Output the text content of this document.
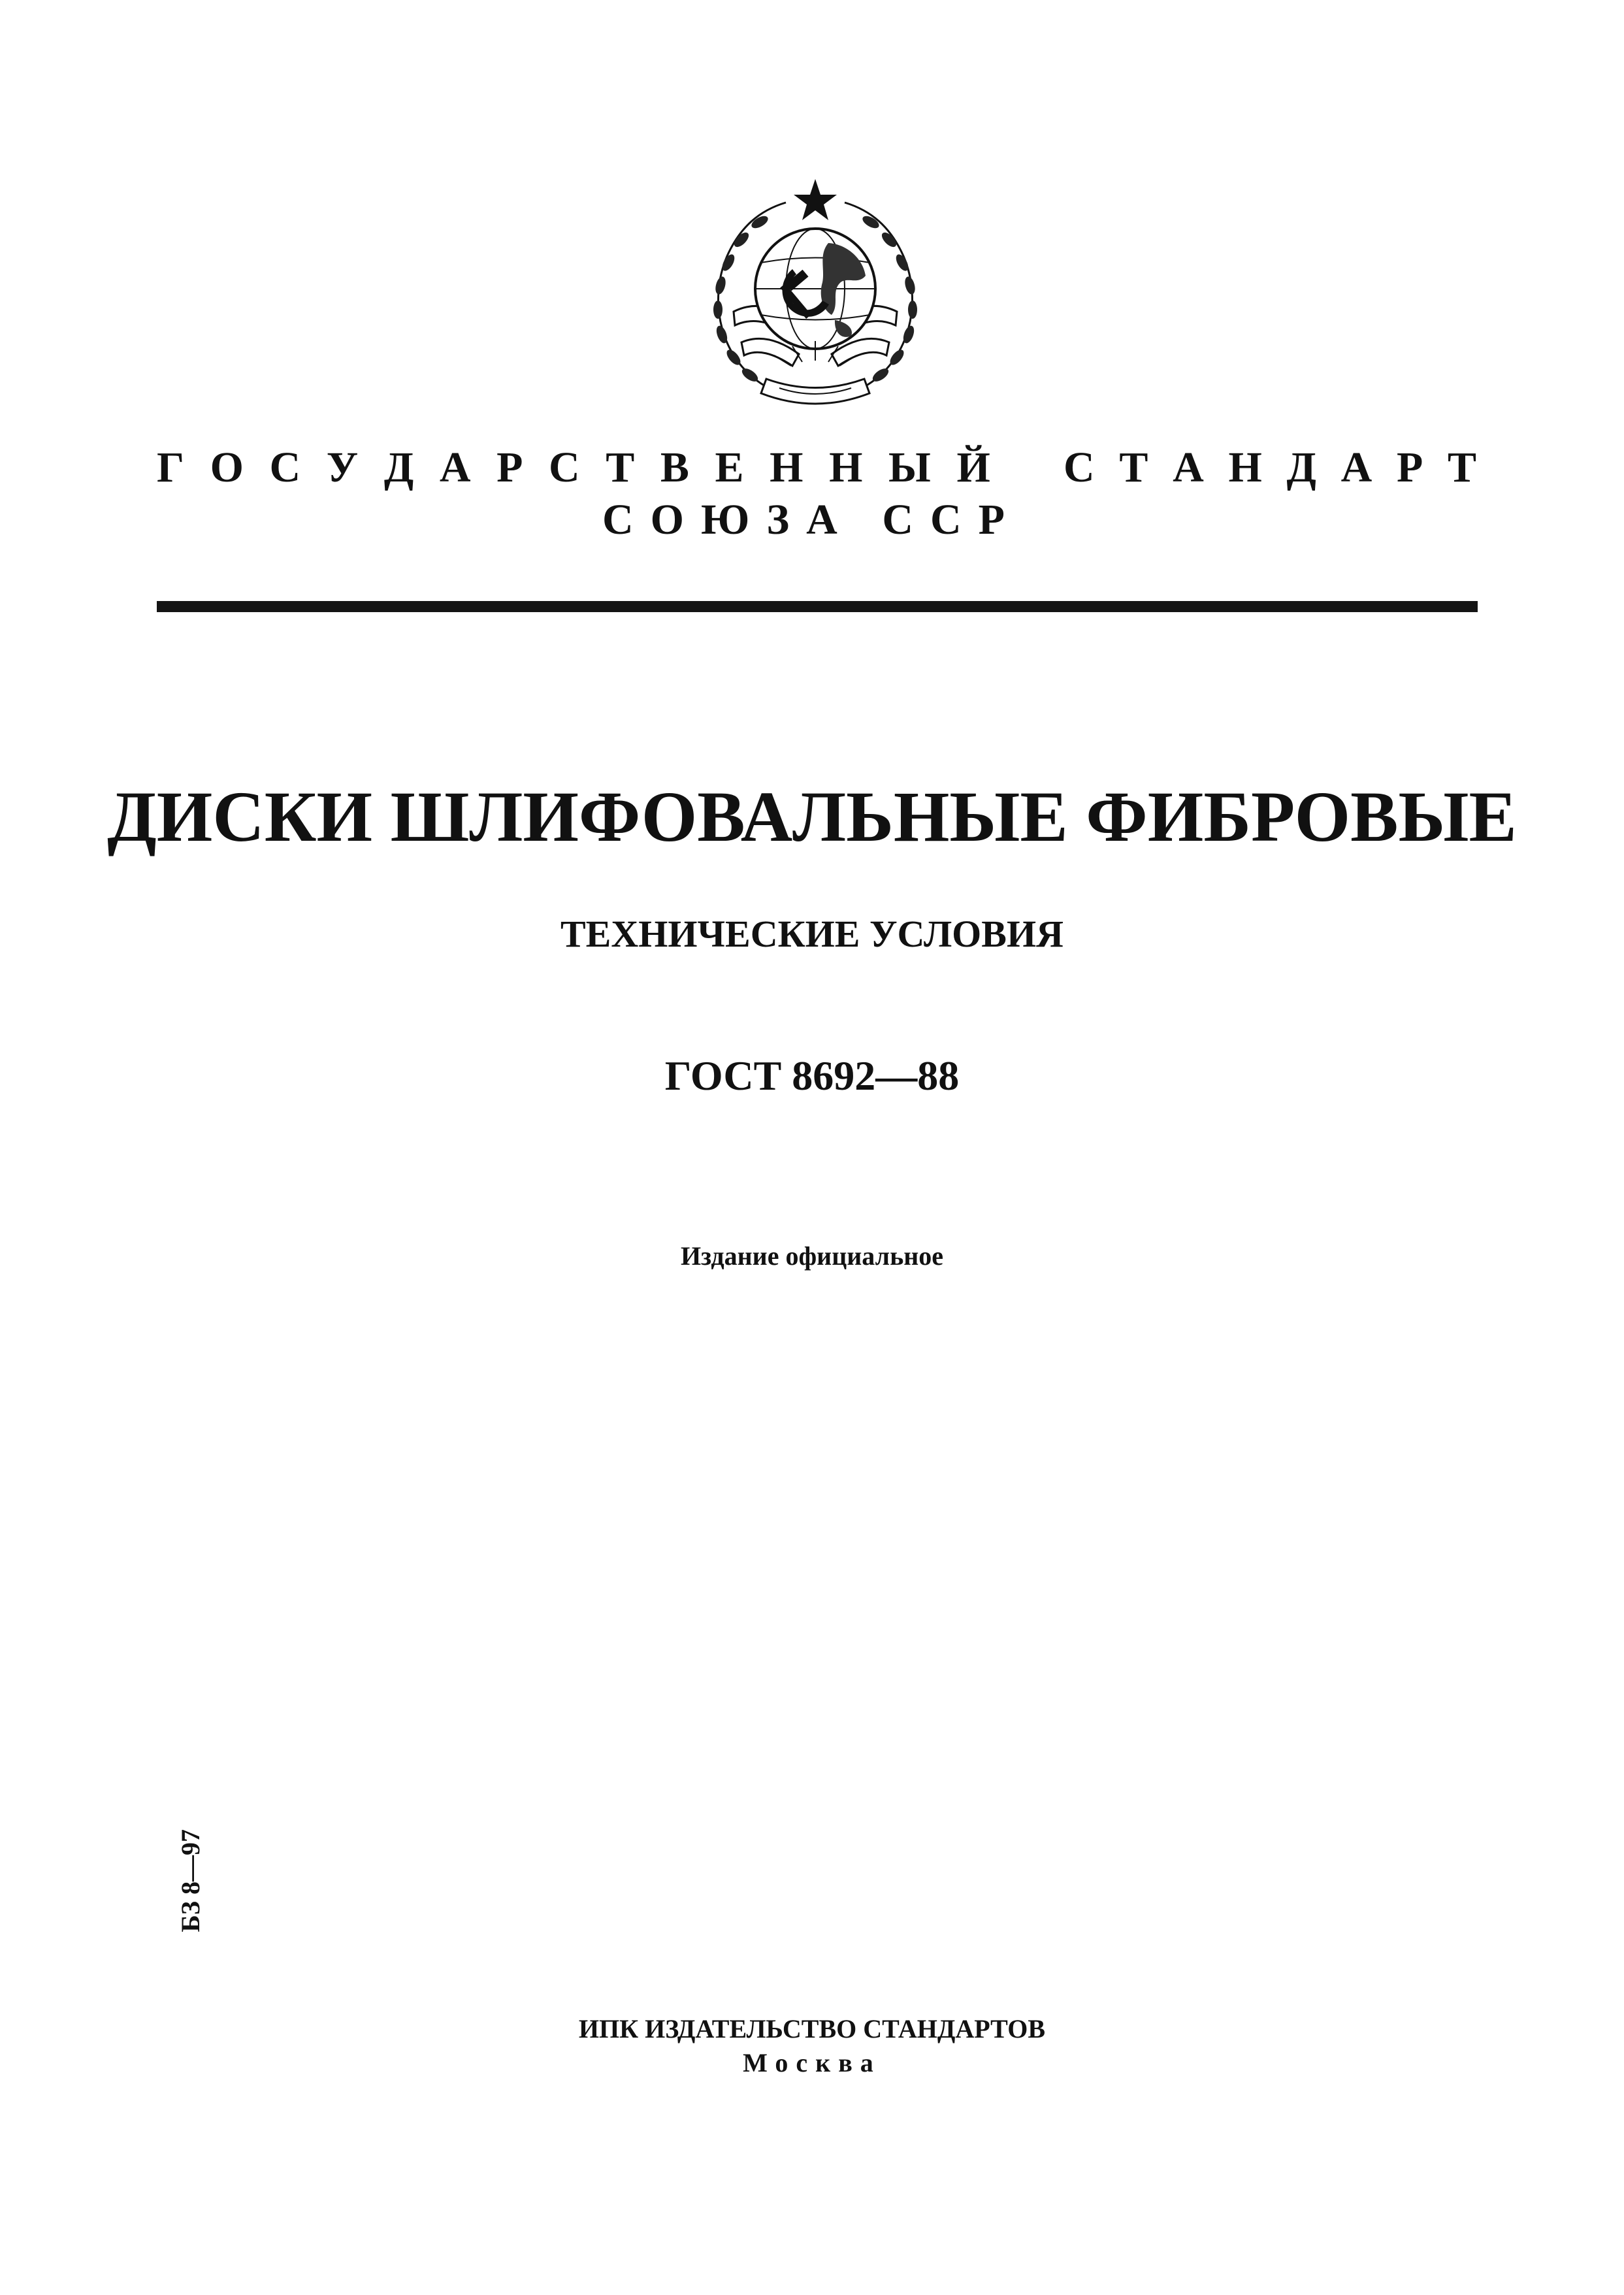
Г О С У Д А Р С Т В Е Н Н Ы Й С Т А Н Д А Р Т
СОЮЗА ССР
ДИСКИ ШЛИФОВАЛЬНЫЕ ФИБРОВЫЕ
ТЕХНИЧЕСКИЕ УСЛОВИЯ
ГОСТ 8692—88
Издание официальное
БЗ 8—97
ИПК ИЗДАТЕЛЬСТВО СТАНДАРТОВ
Москва
